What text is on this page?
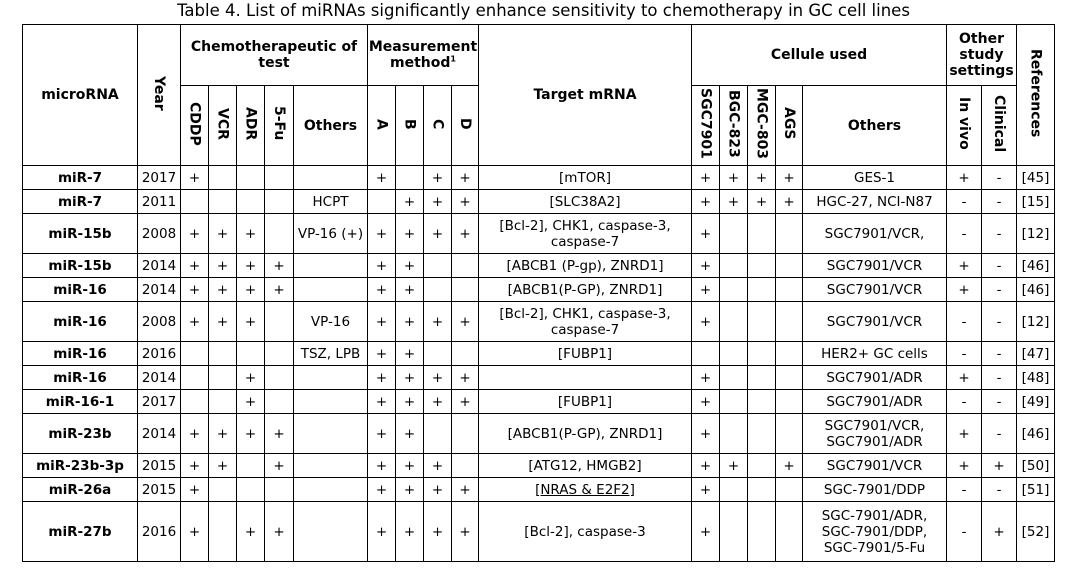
Table 4. List of miRNAs significantly enhance sensitivity to chemotherapy in GC cell lines
microRNA	Year	Chemotherapeutic of test					Measurement method$^1$				Target mRNA	Cellule used					Other study settings		References
		CDDP	VCR	ADR	5-Fu	Others	A	B	C	D		SGC7901	BGC-823	MGC-803	AGS	Others	In vivo	Clinical	
miR-7	2017	+					+		+	+	[mTOR]	+	+	+	+	GES-1	+	-	[45]
miR-7	2011					HCPT		+	+	+	[SLC38A2]	+	+	+	+	HGC-27, NCI-N87	-	-	[15]
miR-15b	2008	+	+	+		VP-16 (+)	+	+	+	+	[Bcl-2], CHK1, caspase-3, caspase-7	+				SGC7901/VCR,	-	-	[12]
miR-15b	2014	+	+	+	+		+	+			[ABCB1 (P-gp), ZNRD1]	+				SGC7901/VCR	+	-	[46]
miR-16	2014	+	+	+	+		+	+			[ABCB1(P-GP), ZNRD1]	+				SGC7901/VCR	+	-	[46]
miR-16	2008	+	+	+		VP-16	+	+	+	+	[Bcl-2], CHK1, caspase-3, caspase-7	+				SGC7901/VCR	-	-	[12]
miR-16	2016					TSZ, LPB	+	+			[FUBP1]					HER2+ GC cells	-	-	[47]
miR-16	2014			+			+	+	+	+		+				SGC7901/ADR	+	-	[48]
miR-16-1	2017			+			+	+	+	+	[FUBP1]	+				SGC7901/ADR	-	-	[49]
miR-23b	2014	+	+	+	+		+	+			[ABCB1(P-GP), ZNRD1]	+				SGC7901/VCR, SGC7901/ADR	+	-	[46]
miR-23b-3p	2015	+	+		+		+	+	+		[ATG12, HMGB2]	+	+		+	SGC7901/VCR	+	+	[50]
miR-26a	2015	+					+	+	+	+	[NRAS & E2F2]	+				SGC-7901/DDP	-	-	[51]
miR-27b	2016	+		+	+		+	+	+	+	[Bcl-2], caspase-3	+				SGC-7901/ADR, SGC-7901/DDP, SGC-7901/5-Fu	-	+	[52]
